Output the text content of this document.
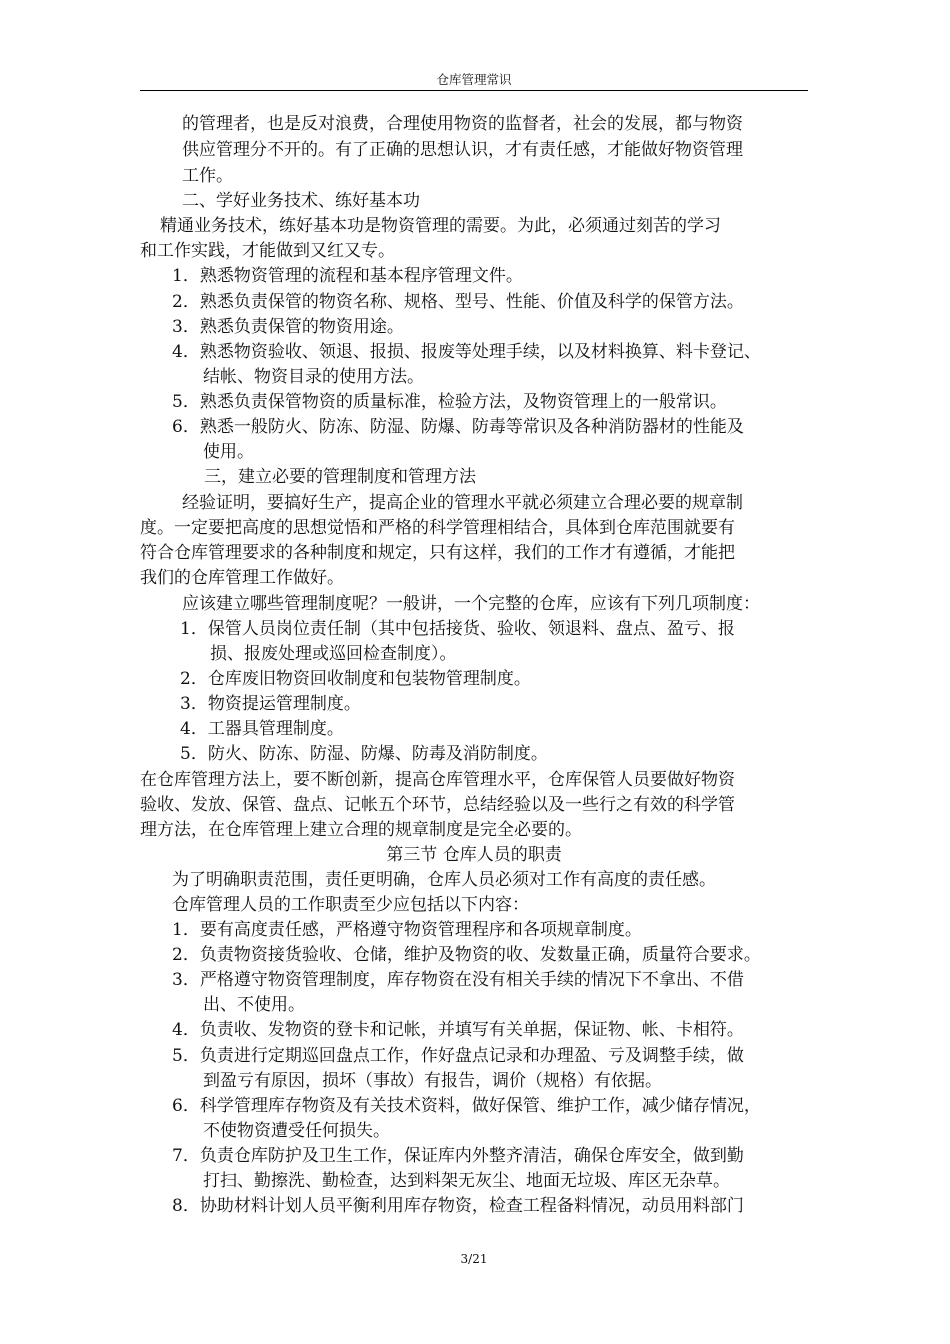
仓库管理常识
的管理者，也是反对浪费，合理使用物资的监督者，社会的发展，都与物资
供应管理分不开的。有了正确的思想认识，才有责任感，才能做好物资管理
工作。
二、学好业务技术、练好基本功
精通业务技术，练好基本功是物资管理的需要。为此，必须通过刻苦的学习
和工作实践，才能做到又红又专。
1．熟悉物资管理的流程和基本程序管理文件。
2．熟悉负责保管的物资名称、规格、型号、性能、价值及科学的保管方法。
3．熟悉负责保管的物资用途。
4．熟悉物资验收、领退、报损、报废等处理手续，以及材料换算、料卡登记、
结帐、物资目录的使用方法。
5．熟悉负责保管物资的质量标准，检验方法，及物资管理上的一般常识。
6．熟悉一般防火、防冻、防湿、防爆、防毒等常识及各种消防器材的性能及
使用。
三，建立必要的管理制度和管理方法
经验证明，要搞好生产，提高企业的管理水平就必须建立合理必要的规章制
度。一定要把高度的思想觉悟和严格的科学管理相结合，具体到仓库范围就要有
符合仓库管理要求的各种制度和规定，只有这样，我们的工作才有遵循，才能把
我们的仓库管理工作做好。
应该建立哪些管理制度呢？一般讲，一个完整的仓库，应该有下列几项制度：
1．保管人员岗位责任制（其中包括接货、验收、领退料、盘点、盈亏、报
损、报废处理或巡回检查制度）。
2．仓库废旧物资回收制度和包装物管理制度。
3．物资提运管理制度。
4．工器具管理制度。
5．防火、防冻、防湿、防爆、防毒及消防制度。
在仓库管理方法上，要不断创新，提高仓库管理水平，仓库保管人员要做好物资
验收、发放、保管、盘点、记帐五个环节，总结经验以及一些行之有效的科学管
理方法，在仓库管理上建立合理的规章制度是完全必要的。
第三节 仓库人员的职责
为了明确职责范围，责任更明确，仓库人员必须对工作有高度的责任感。
仓库管理人员的工作职责至少应包括以下内容：
1．要有高度责任感，严格遵守物资管理程序和各项规章制度。
2．负责物资接货验收、仓储，维护及物资的收、发数量正确，质量符合要求。
3．严格遵守物资管理制度，库存物资在没有相关手续的情况下不拿出、不借
出、不使用。
4．负责收、发物资的登卡和记帐，并填写有关单据，保证物、帐、卡相符。
5．负责进行定期巡回盘点工作，作好盘点记录和办理盈、亏及调整手续，做
到盈亏有原因，损坏（事故）有报告，调价（规格）有依据。
6．科学管理库存物资及有关技术资料，做好保管、维护工作，减少储存情况，
不使物资遭受任何损失。
7．负责仓库防护及卫生工作，保证库内外整齐清洁，确保仓库安全，做到勤
打扫、勤擦洗、勤检查，达到料架无灰尘、地面无垃圾、库区无杂草。
8．协助材料计划人员平衡利用库存物资，检查工程备料情况，动员用料部门
3/21
